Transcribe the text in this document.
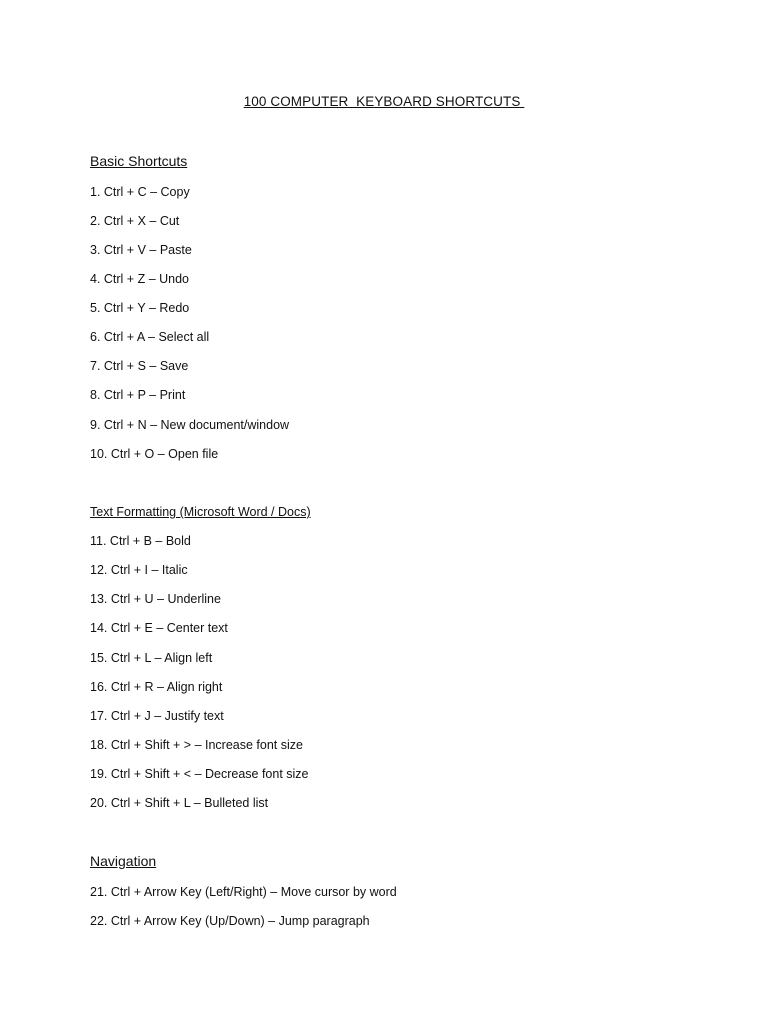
100 COMPUTER  KEYBOARD SHORTCUTS
Basic Shortcuts
1. Ctrl + C – Copy
2. Ctrl + X – Cut
3. Ctrl + V – Paste
4. Ctrl + Z – Undo
5. Ctrl + Y – Redo
6. Ctrl + A – Select all
7. Ctrl + S – Save
8. Ctrl + P – Print
9. Ctrl + N – New document/window
10. Ctrl + O – Open file
Text Formatting (Microsoft Word / Docs)
11. Ctrl + B – Bold
12. Ctrl + I – Italic
13. Ctrl + U – Underline
14. Ctrl + E – Center text
15. Ctrl + L – Align left
16. Ctrl + R – Align right
17. Ctrl + J – Justify text
18. Ctrl + Shift + > – Increase font size
19. Ctrl + Shift + < – Decrease font size
20. Ctrl + Shift + L – Bulleted list
Navigation
21. Ctrl + Arrow Key (Left/Right) – Move cursor by word
22. Ctrl + Arrow Key (Up/Down) – Jump paragraph
